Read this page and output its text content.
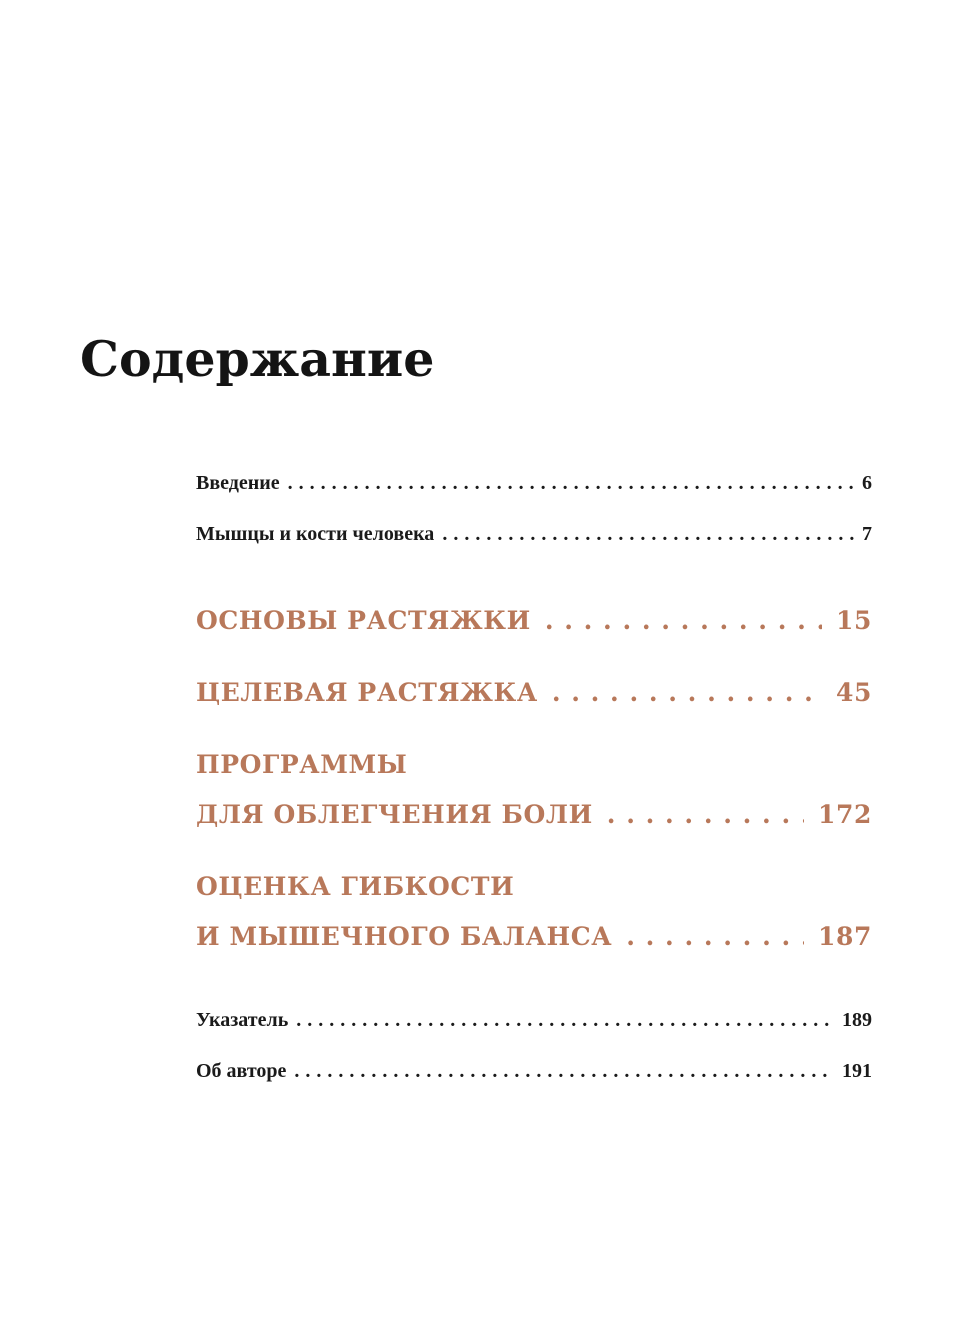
Содержание
Введение . . .	6
Мышцы и кости человека . . .	7
ОСНОВЫ РАСТЯЖКИ . . .	15
ЦЕЛЕВАЯ РАСТЯЖКА . . .	45
ПРОГРАММЫ
ДЛЯ ОБЛЕГЧЕНИЯ БОЛИ . . .	172
ОЦЕНКА ГИБКОСТИ
И МЫШЕЧНОГО БАЛАНСА . . .	187
Указатель . . .	189
Об авторе . . .	191
